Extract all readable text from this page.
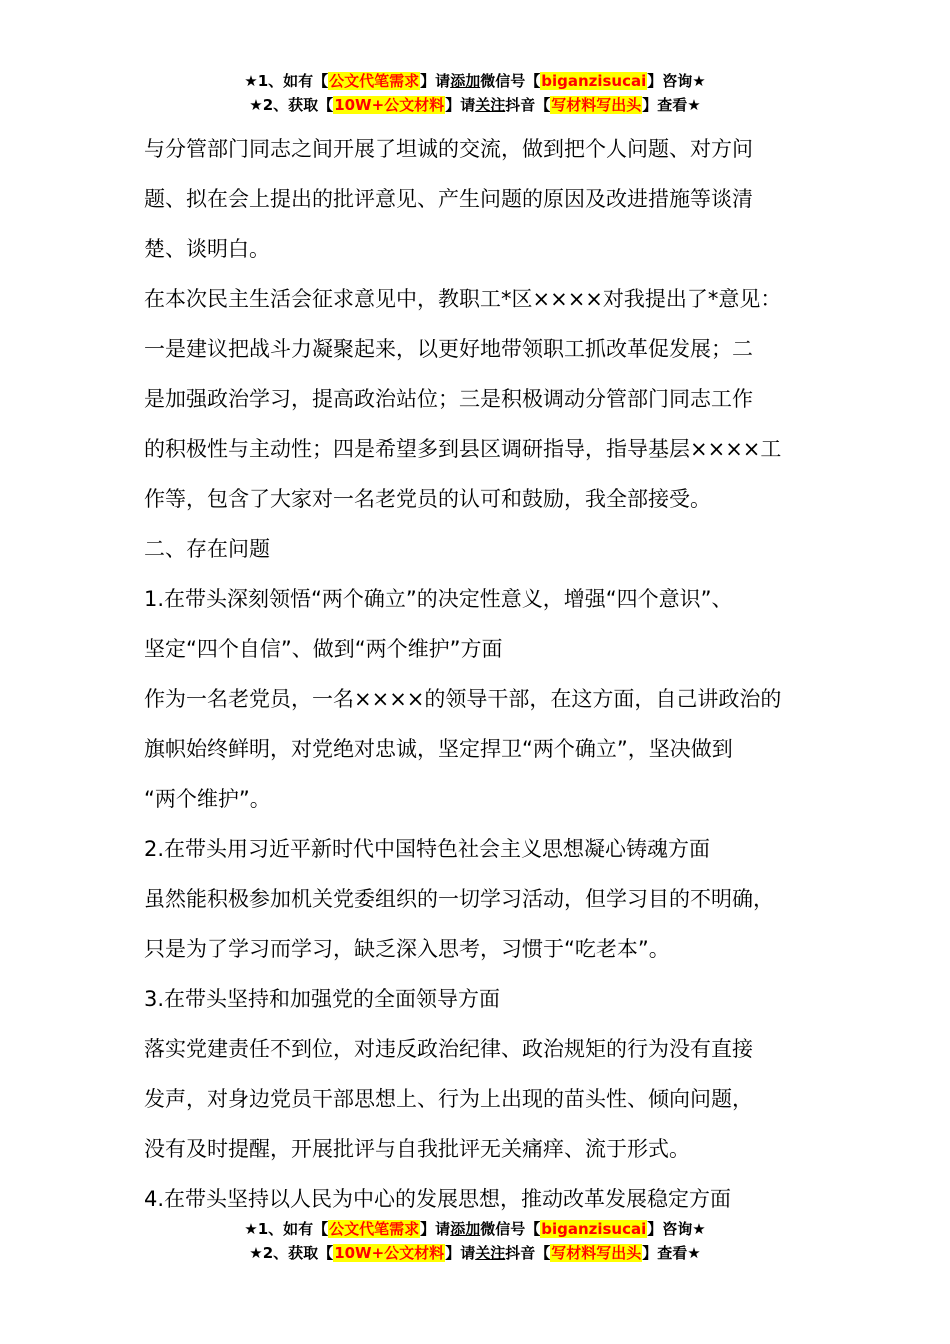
★1、如有【公文代笔需求】请添加微信号【biganzisucai】咨询★
★2、获取【10W+公文材料】请关注抖音【写材料写出头】查看★
与分管部门同志之间开展了坦诚的交流，做到把个人问题、对方问
题、拟在会上提出的批评意见、产生问题的原因及改进措施等谈清
楚、谈明白。
在本次民主生活会征求意见中，教职工*区××××对我提出了*意见：
一是建议把战斗力凝聚起来，以更好地带领职工抓改革促发展；二
是加强政治学习，提高政治站位；三是积极调动分管部门同志工作
的积极性与主动性；四是希望多到县区调研指导，指导基层××××工
作等，包含了大家对一名老党员的认可和鼓励，我全部接受。
二、存在问题
1.在带头深刻领悟“两个确立”的决定性意义，增强“四个意识”、
坚定“四个自信”、做到“两个维护”方面
作为一名老党员，一名××××的领导干部，在这方面，自己讲政治的
旗帜始终鲜明，对党绝对忠诚，坚定捍卫“两个确立”，坚决做到
“两个维护”。
2.在带头用习近平新时代中国特色社会主义思想凝心铸魂方面
虽然能积极参加机关党委组织的一切学习活动，但学习目的不明确，
只是为了学习而学习，缺乏深入思考，习惯于“吃老本”。
3.在带头坚持和加强党的全面领导方面
落实党建责任不到位，对违反政治纪律、政治规矩的行为没有直接
发声，对身边党员干部思想上、行为上出现的苗头性、倾向问题，
没有及时提醒，开展批评与自我批评无关痛痒、流于形式。
4.在带头坚持以人民为中心的发展思想，推动改革发展稳定方面
★1、如有【公文代笔需求】请添加微信号【biganzisucai】咨询★
★2、获取【10W+公文材料】请关注抖音【写材料写出头】查看★
